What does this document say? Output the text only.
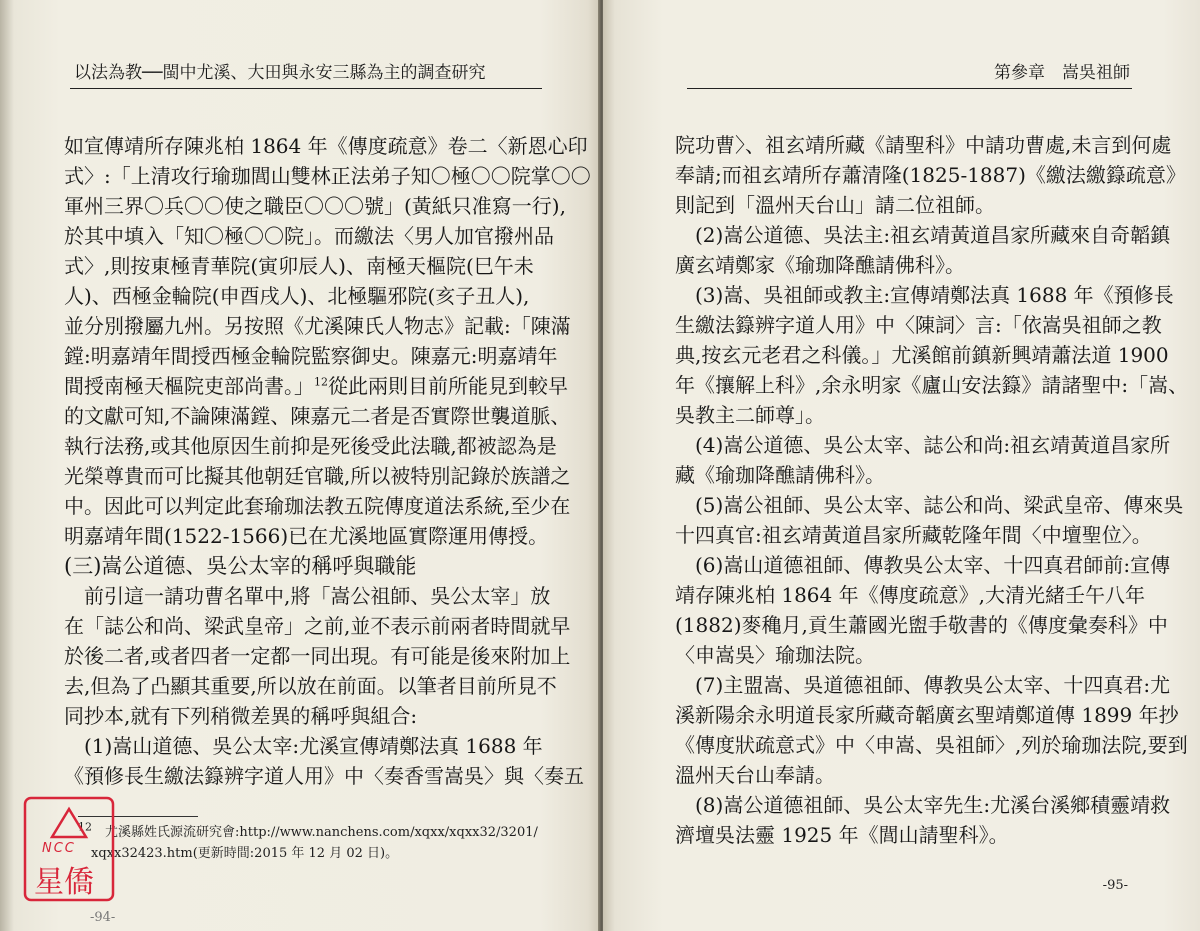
以法為教──閩中尤溪、大田與永安三縣為主的調查研究
如宣傳靖所存陳兆柏 1864 年《傳度疏意》卷二〈新恩心印
式〉:「上清攻行瑜珈閭山雙林正法弟子知〇極〇〇院掌〇〇
軍州三界〇兵〇〇使之職臣〇〇〇號」(黃紙只准寫一行),
於其中填入「知〇極〇〇院」。而繳法〈男人加官撥州品
式〉,則按東極青華院(寅卯辰人)、南極天樞院(巳午未
人)、西極金輪院(申酉戌人)、北極驅邪院(亥子丑人),
並分別撥屬九州。另按照《尤溪陳氏人物志》記載:「陳滿
鏜:明嘉靖年間授西極金輪院監察御史。陳嘉元:明嘉靖年
間授南極天樞院吏部尚書。」$^{12}$從此兩則目前所能見到較早
的文獻可知,不論陳滿鏜、陳嘉元二者是否實際世襲道脈、
執行法務,或其他原因生前抑是死後受此法職,都被認為是
光榮尊貴而可比擬其他朝廷官職,所以被特別記錄於族譜之
中。因此可以判定此套瑜珈法教五院傳度道法系統,至少在
明嘉靖年間(1522-1566)已在尤溪地區實際運用傳授。
(三)嵩公道德、吳公太宰的稱呼與職能
　前引這一請功曹名單中,將「嵩公祖師、吳公太宰」放
在「誌公和尚、梁武皇帝」之前,並不表示前兩者時間就早
於後二者,或者四者一定都一同出現。有可能是後來附加上
去,但為了凸顯其重要,所以放在前面。以筆者目前所見不
同抄本,就有下列稍微差異的稱呼與組合:
　(1)嵩山道德、吳公太宰:尤溪宣傳靖鄭法真 1688 年
《預修長生繳法籙辨字道人用》中〈奏香雪嵩吳〉與〈奏五
$^{12}$　尤溪縣姓氏源流研究會:http://www.nanchens.com/xqxx/xqxx32/3201/
　xqxx32423.htm(更新時間:2015 年 12 月 02 日)。
-94-
NCC
星僑
第參章　嵩吳祖師
院功曹〉、祖玄靖所藏《請聖科》中請功曹處,未言到何處
奉請;而祖玄靖所存蕭清隆(1825-1887)《繳法繳籙疏意》
則記到「溫州天台山」請二位祖師。
　(2)嵩公道德、吳法主:祖玄靖黃道昌家所藏來自奇韜鎮
廣玄靖鄭家《瑜珈降醮請佛科》。
　(3)嵩、吳祖師或教主:宣傳靖鄭法真 1688 年《預修長
生繳法籙辨字道人用》中〈陳詞〉言:「依嵩吳祖師之教
典,按玄元老君之科儀。」尤溪館前鎮新興靖蕭法道 1900
年《攘解上科》,余永明家《廬山安法籙》請諸聖中:「嵩、
吳教主二師尊」。
　(4)嵩公道德、吳公太宰、誌公和尚:祖玄靖黃道昌家所
藏《瑜珈降醮請佛科》。
　(5)嵩公祖師、吳公太宰、誌公和尚、梁武皇帝、傳來吳
十四真官:祖玄靖黃道昌家所藏乾隆年間〈中壇聖位〉。
　(6)嵩山道德祖師、傳教吳公太宰、十四真君師前:宣傳
靖存陳兆柏 1864 年《傳度疏意》,大清光緒壬午八年
(1882)麥穐月,貢生蕭國光盥手敬書的《傳度彙奏科》中
〈申嵩吳〉瑜珈法院。
　(7)主盟嵩、吳道德祖師、傳教吳公太宰、十四真君:尤
溪新陽余永明道長家所藏奇韜廣玄聖靖鄭道傳 1899 年抄
《傳度狀疏意式》中〈申嵩、吳祖師〉,列於瑜珈法院,要到
溫州天台山奉請。
　(8)嵩公道德祖師、吳公太宰先生:尤溪台溪鄉積靈靖救
濟壇吳法靈 1925 年《閭山請聖科》。
-95-
